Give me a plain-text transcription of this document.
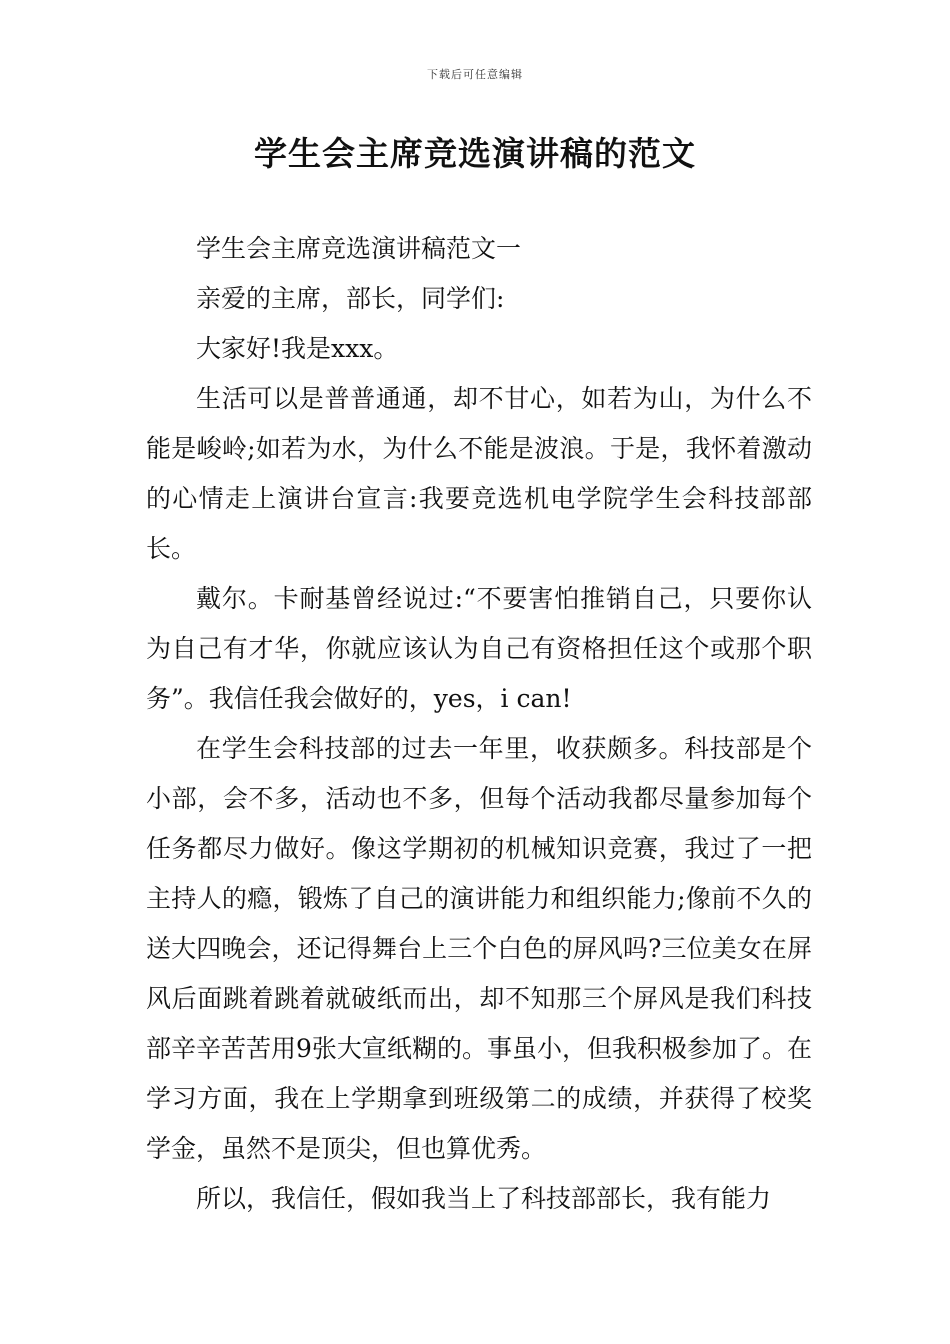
下载后可任意编辑
学生会主席竞选演讲稿的范文

学生会主席竞选演讲稿范文一

亲爱的主席，部长，同学们:

大家好!我是xxx。

生活可以是普普通通，却不甘心，如若为山，为什么不能是峻岭;如若为水，为什么不能是波浪。于是，我怀着激动的心情走上演讲台宣言:我要竞选机电学院学生会科技部部长。

戴尔。卡耐基曾经说过:“不要害怕推销自己，只要你认为自己有才华，你就应该认为自己有资格担任这个或那个职务”。我信任我会做好的，yes，i can!

在学生会科技部的过去一年里，收获颇多。科技部是个小部，会不多，活动也不多，但每个活动我都尽量参加每个任务都尽力做好。像这学期初的机械知识竞赛，我过了一把主持人的瘾，锻炼了自己的演讲能力和组织能力;像前不久的送大四晚会，还记得舞台上三个白色的屏风吗?三位美女在屏风后面跳着跳着就破纸而出，却不知那三个屏风是我们科技部辛辛苦苦用9张大宣纸糊的。事虽小，但我积极参加了。在学习方面，我在上学期拿到班级第二的成绩，并获得了校奖学金，虽然不是顶尖，但也算优秀。

所以，我信任，假如我当上了科技部部长，我有能力
